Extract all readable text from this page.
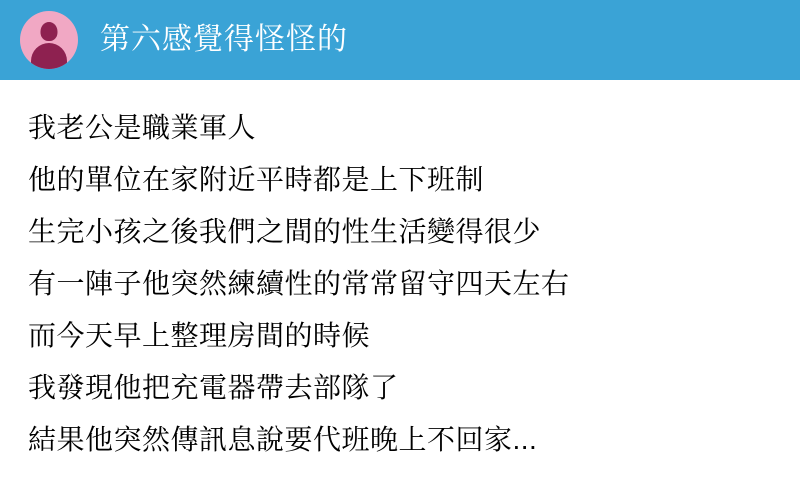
第六感覺得怪怪的
我老公是職業軍人
他的單位在家附近平時都是上下班制
生完小孩之後我們之間的性生活變得很少
有一陣子他突然練續性的常常留守四天左右
而今天早上整理房間的時候
我發現他把充電器帶去部隊了
結果他突然傳訊息說要代班晚上不回家...
